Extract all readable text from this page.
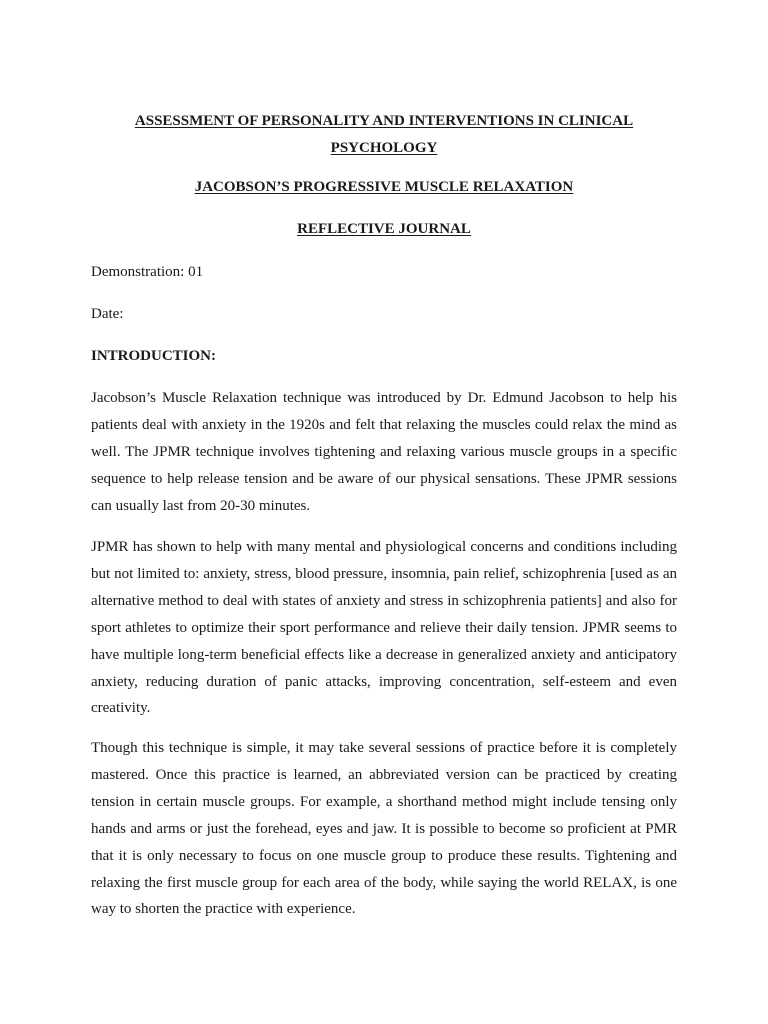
ASSESSMENT OF PERSONALITY AND INTERVENTIONS IN CLINICAL PSYCHOLOGY
JACOBSON’S PROGRESSIVE MUSCLE RELAXATION
REFLECTIVE JOURNAL
Demonstration: 01
Date:
INTRODUCTION:

Jacobson’s Muscle Relaxation technique was introduced by Dr. Edmund Jacobson to help his patients deal with anxiety in the 1920s and felt that relaxing the muscles could relax the mind as well. The JPMR technique involves tightening and relaxing various muscle groups in a specific sequence to help release tension and be aware of our physical sensations. These JPMR sessions can usually last from 20-30 minutes.

JPMR has shown to help with many mental and physiological concerns and conditions including but not limited to: anxiety, stress, blood pressure, insomnia, pain relief, schizophrenia [used as an alternative method to deal with states of anxiety and stress in schizophrenia patients] and also for sport athletes to optimize their sport performance and relieve their daily tension. JPMR seems to have multiple long-term beneficial effects like a decrease in generalized anxiety and anticipatory anxiety, reducing duration of panic attacks, improving concentration, self-esteem and even creativity.

Though this technique is simple, it may take several sessions of practice before it is completely mastered. Once this practice is learned, an abbreviated version can be practiced by creating tension in certain muscle groups. For example, a shorthand method might include tensing only hands and arms or just the forehead, eyes and jaw. It is possible to become so proficient at PMR that it is only necessary to focus on one muscle group to produce these results. Tightening and relaxing the first muscle group for each area of the body, while saying the world RELAX, is one way to shorten the practice with experience.
